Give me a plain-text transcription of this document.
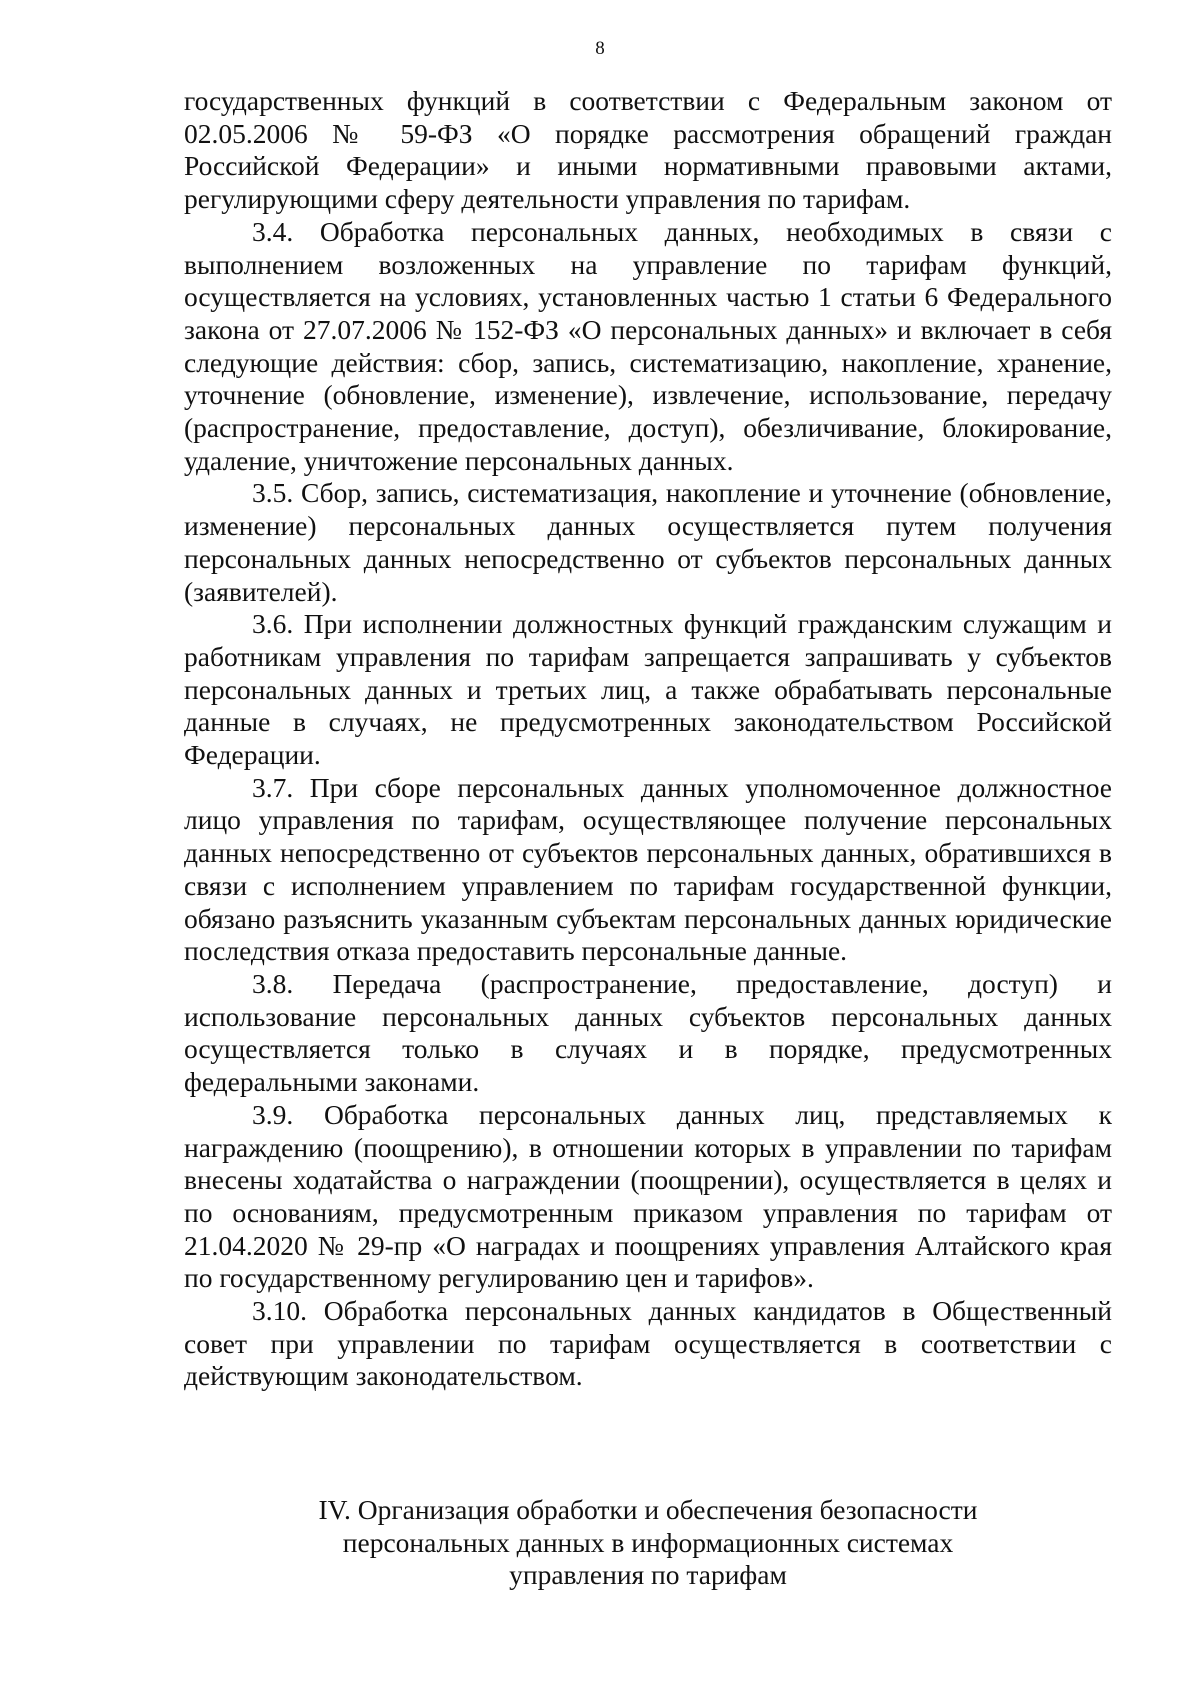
8

государственных функций в соответствии с Федеральным законом от 02.05.2006 № 59-ФЗ «О порядке рассмотрения обращений граждан Российской Федерации» и иными нормативными правовыми актами, регулирующими сферу деятельности управления по тарифам.

3.4. Обработка персональных данных, необходимых в связи с выполнением возложенных на управление по тарифам функций, осуществляется на условиях, установленных частью 1 статьи 6 Федерального закона от 27.07.2006 № 152-ФЗ «О персональных данных» и включает в себя следующие действия: сбор, запись, систематизацию, накопление, хранение, уточнение (обновление, изменение), извлечение, использование, передачу (распространение, предоставление, доступ), обезличивание, блокирование, удаление, уничтожение персональных данных.

3.5. Сбор, запись, систематизация, накопление и уточнение (обновление, изменение) персональных данных осуществляется путем получения персональных данных непосредственно от субъектов персональных данных (заявителей).

3.6. При исполнении должностных функций гражданским служащим и работникам управления по тарифам запрещается запрашивать у субъектов персональных данных и третьих лиц, а также обрабатывать персональные данные в случаях, не предусмотренных законодательством Российской Федерации.

3.7. При сборе персональных данных уполномоченное должностное лицо управления по тарифам, осуществляющее получение персональных данных непосредственно от субъектов персональных данных, обратившихся в связи с исполнением управлением по тарифам государственной функции, обязано разъяснить указанным субъектам персональных данных юридические последствия отказа предоставить персональные данные.

3.8. Передача (распространение, предоставление, доступ) и использование персональных данных субъектов персональных данных осуществляется только в случаях и в порядке, предусмотренных федеральными законами.

3.9. Обработка персональных данных лиц, представляемых к награждению (поощрению), в отношении которых в управлении по тарифам внесены ходатайства о награждении (поощрении), осуществляется в целях и по основаниям, предусмотренным приказом управления по тарифам от 21.04.2020 № 29-пр «О наградах и поощрениях управления Алтайского края по государственному регулированию цен и тарифов».

3.10. Обработка персональных данных кандидатов в Общественный совет при управлении по тарифам осуществляется в соответствии с действующим законодательством.

IV. Организация обработки и обеспечения безопасности
персональных данных в информационных системах
управления по тарифам
